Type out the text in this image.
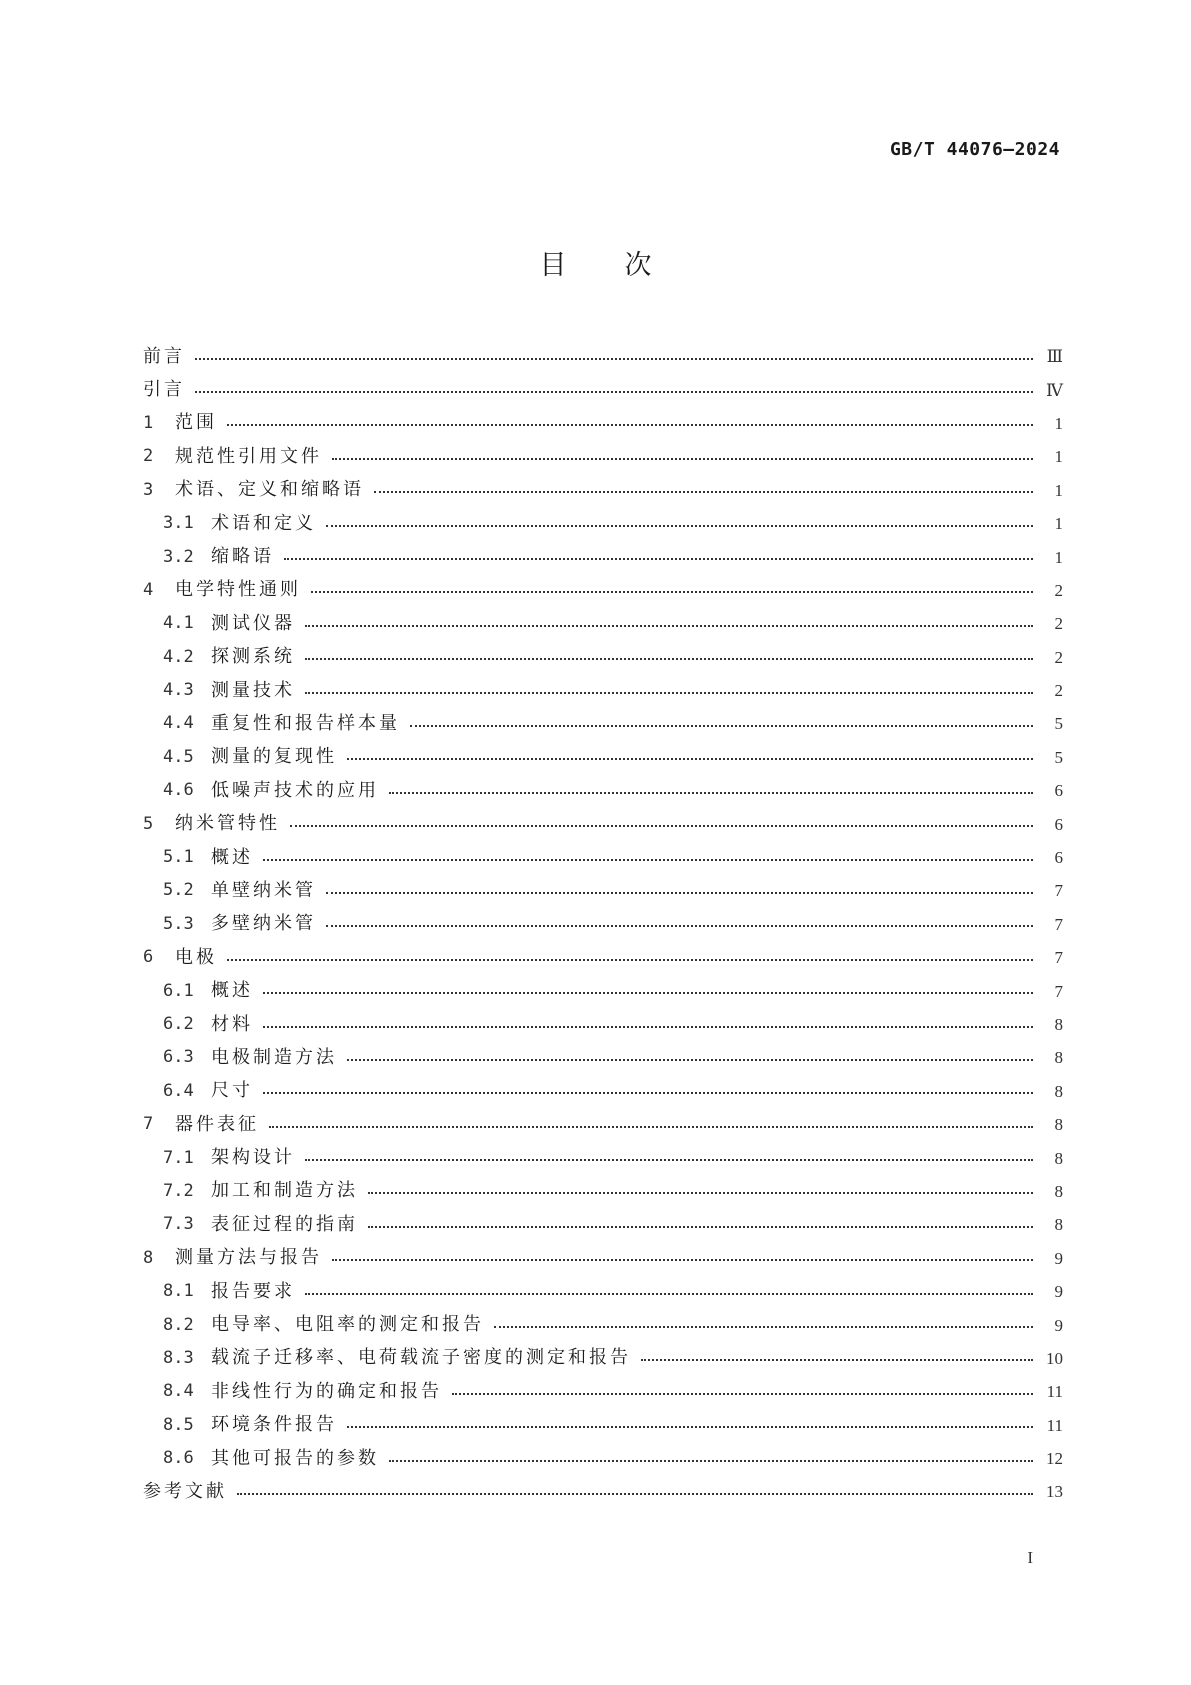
GB/T 44076—2024
目次
前言	Ⅲ
引言	Ⅳ
1	范围	1
2	规范性引用文件	1
3	术语、定义和缩略语	1
3.1 术语和定义	1
3.2 缩略语	1
4	电学特性通则	2
4.1 测试仪器	2
4.2 探测系统	2
4.3 测量技术	2
4.4 重复性和报告样本量	5
4.5 测量的复现性	5
4.6 低噪声技术的应用	6
5	纳米管特性	6
5.1 概述	6
5.2 单壁纳米管	7
5.3 多壁纳米管	7
6	电极	7
6.1 概述	7
6.2 材料	8
6.3 电极制造方法	8
6.4 尺寸	8
7	器件表征	8
7.1 架构设计	8
7.2 加工和制造方法	8
7.3 表征过程的指南	8
8	测量方法与报告	9
8.1 报告要求	9
8.2 电导率、电阻率的测定和报告	9
8.3 载流子迁移率、电荷载流子密度的测定和报告	10
8.4 非线性行为的确定和报告	11
8.5 环境条件报告	11
8.6 其他可报告的参数	12
参考文献	13
I
